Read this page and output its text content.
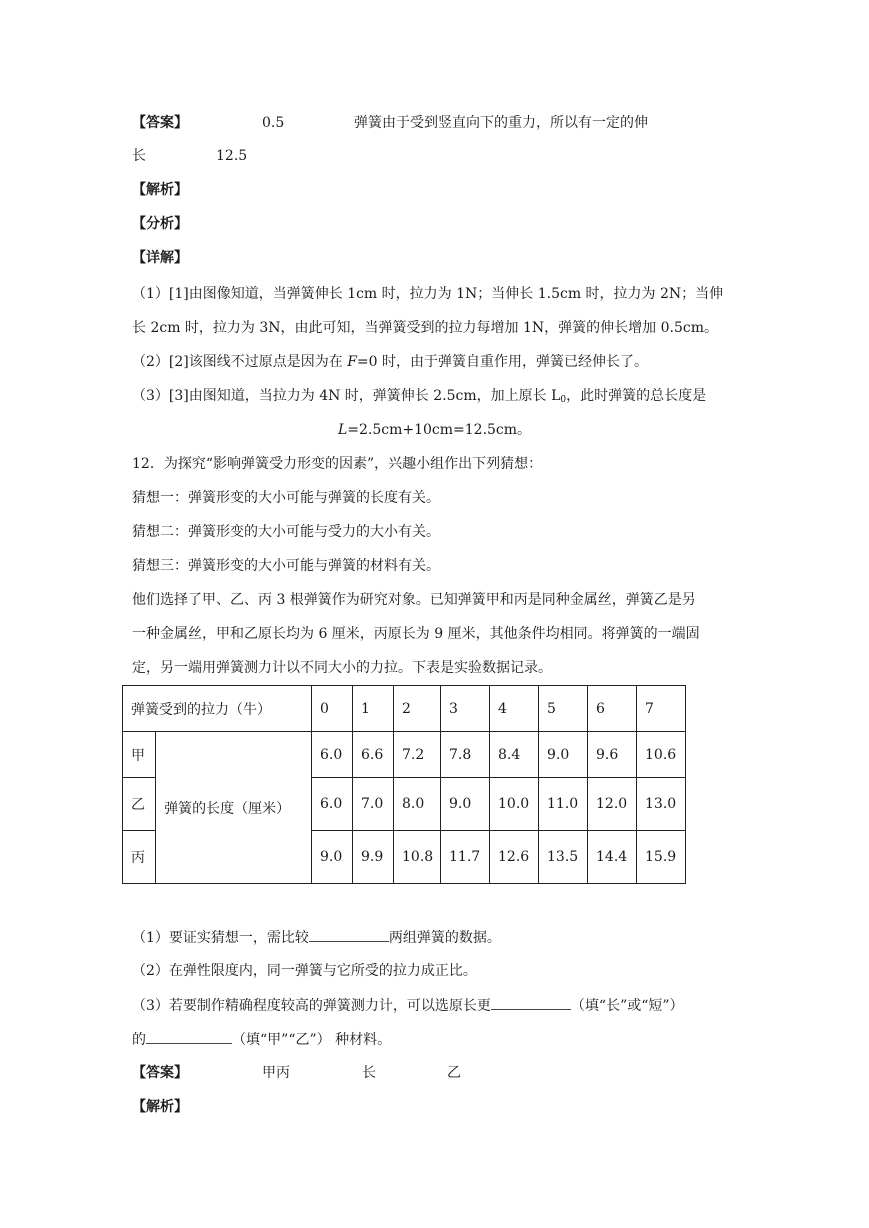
【答案】	0.5	弹簧由于受到竖直向下的重力，所以有一定的伸
长	12.5
【解析】
【分析】
【详解】
（1）[1]由图像知道，当弹簧伸长 1cm 时，拉力为 1N；当伸长 1.5cm 时，拉力为 2N；当伸
长 2cm 时，拉力为 3N，由此可知，当弹簧受到的拉力每增加 1N，弹簧的伸长增加 0.5cm。
（2）[2]该图线不过原点是因为在 F=0 时，由于弹簧自重作用，弹簧已经伸长了。
（3）[3]由图知道，当拉力为 4N 时，弹簧伸长 2.5cm，加上原长 $L_0$，此时弹簧的总长度是
L=2.5cm+10cm=12.5cm。
12．为探究“影响弹簧受力形变的因素”，兴趣小组作出下列猜想：
猜想一：弹簧形变的大小可能与弹簧的长度有关。
猜想二：弹簧形变的大小可能与受力的大小有关。
猜想三：弹簧形变的大小可能与弹簧的材料有关。
他们选择了甲、乙、丙 3 根弹簧作为研究对象。已知弹簧甲和丙是同种金属丝，弹簧乙是另
一种金属丝，甲和乙原长均为 6 厘米，丙原长为 9 厘米，其他条件均相同。将弹簧的一端固
定，另一端用弹簧测力计以不同大小的力拉。下表是实验数据记录。
弹簧受到的拉力（牛）		0	1	2	3	4	5	6	7
甲	弹簧的长度（厘米）	6.0	6.6	7.2	7.8	8.4	9.0	9.6	10.6
乙		6.0	7.0	8.0	9.0	10.0	11.0	12.0	13.0
丙		9.0	9.9	10.8	11.7	12.6	13.5	14.4	15.9
（1）要证实猜想一，需比较	两组弹簧的数据。
（2）在弹性限度内，同一弹簧与它所受的拉力成正比。
（3）若要制作精确程度较高的弹簧测力计，可以选原长更	（填“长”或“短”）
的	（填“甲”“乙”） 种材料。
【答案】	甲丙	长	乙
【解析】
